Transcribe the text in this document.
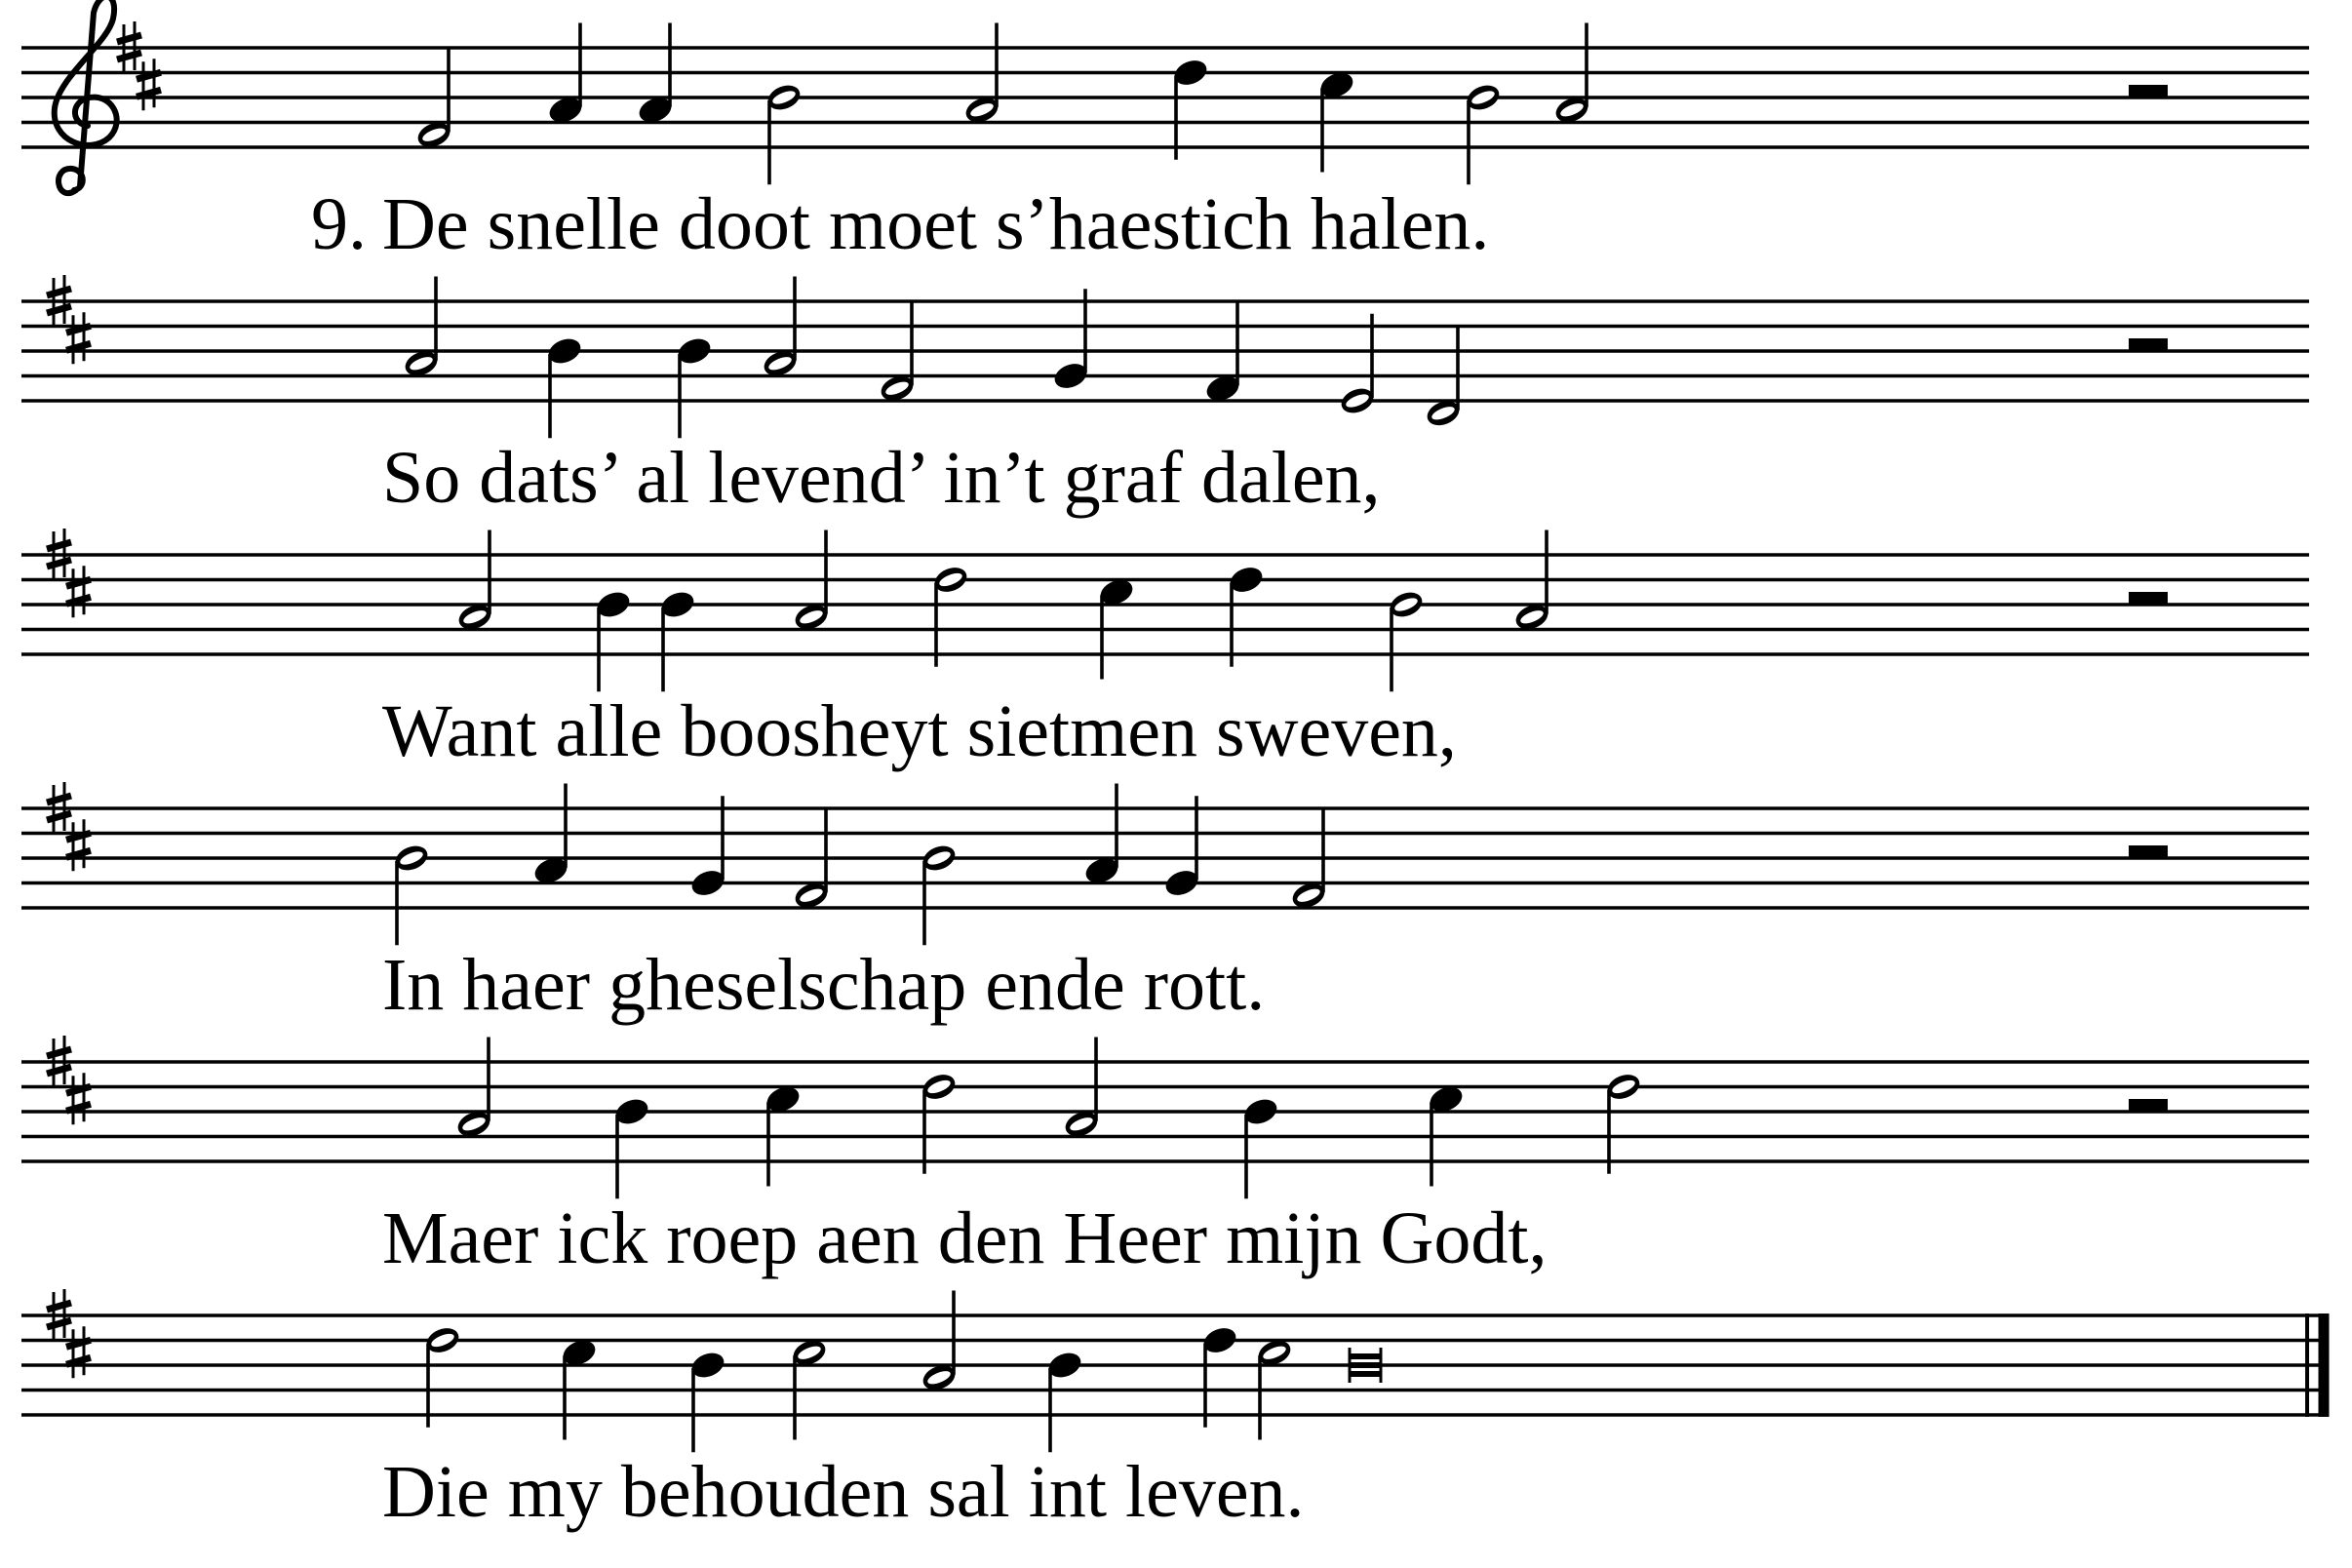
9. De snelle doot moet s’haestich halen.
So dats’ al levend’ in’t graf dalen,
Want alle boosheyt sietmen sweven,
In haer gheselschap ende rott.
Maer ick roep aen den Heer mijn Godt,
Die my behouden sal int leven.
